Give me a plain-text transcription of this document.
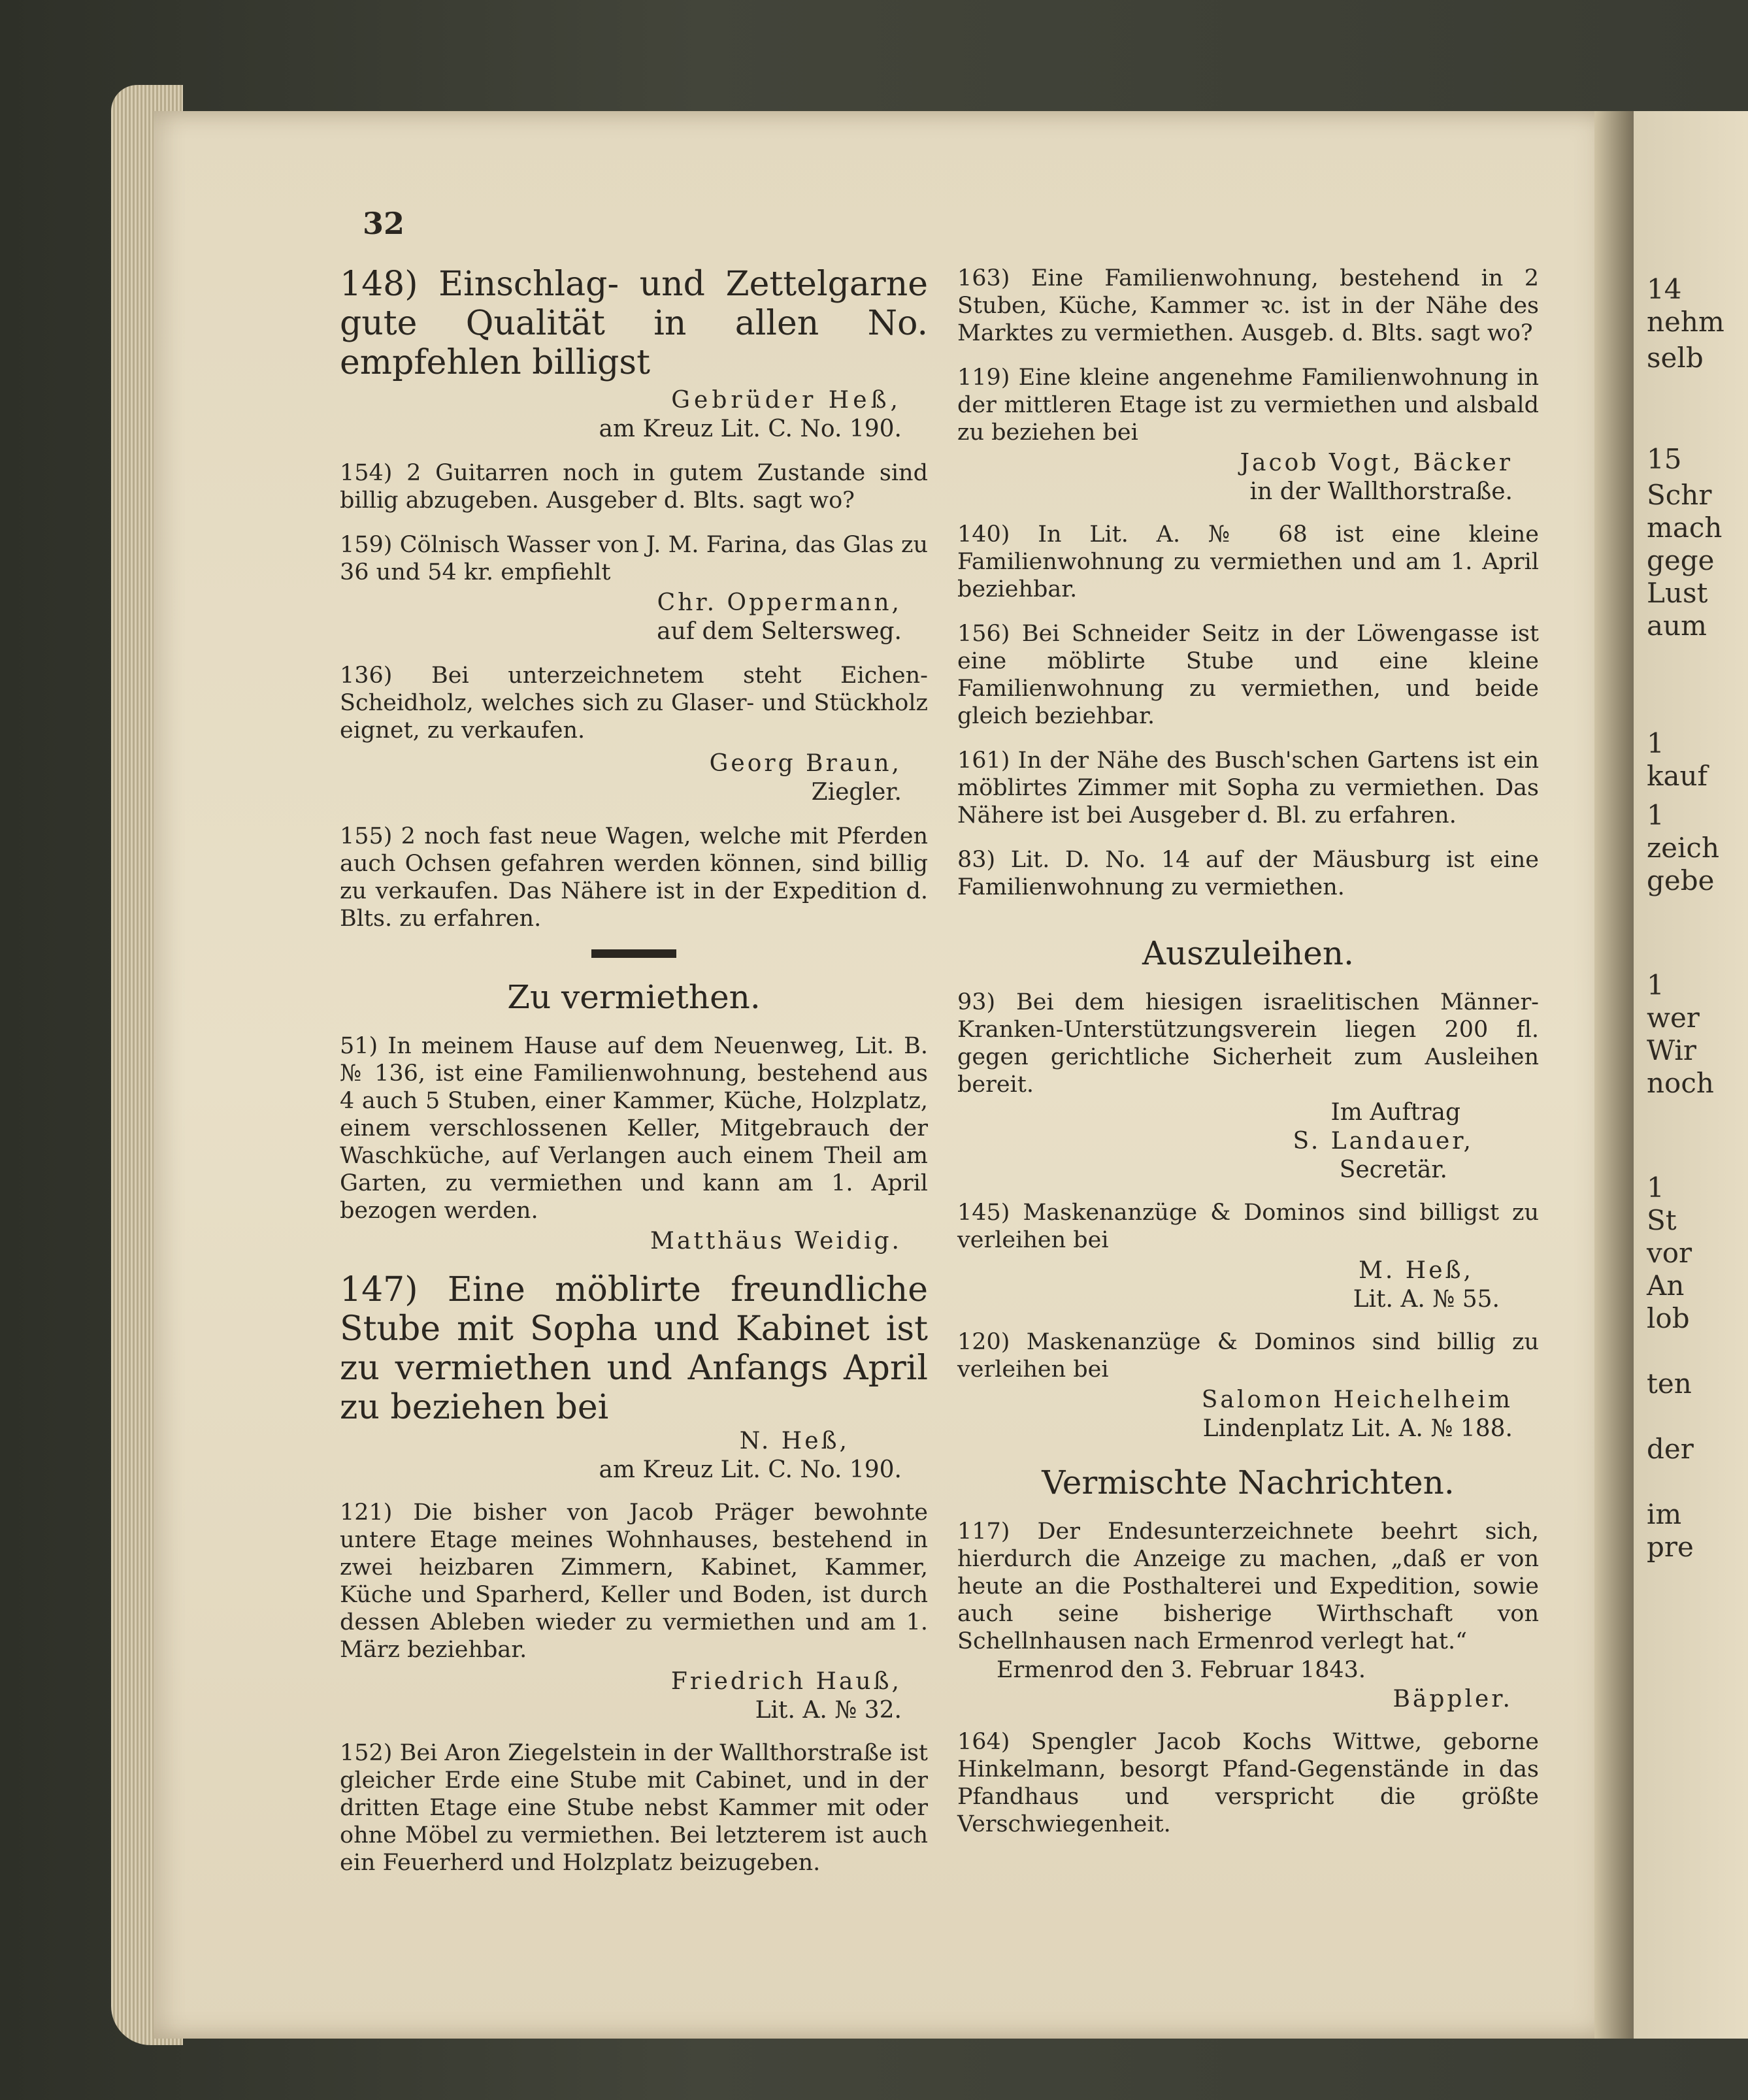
14
nehm
selb
15
Schr
mach
gege
Lust
aum
1
kauf
1
zeich
gebe
1
wer
Wir
noch
1
St
vor
An
lob
ten
der
im
pre
32
148) Einschlag- und Zettelgarne gute Qualität in allen No. empfehlen billigst
Gebrüder Heß,
am Kreuz Lit. C. No. 190.
154) 2 Guitarren noch in gutem Zustande sind billig abzugeben. Ausgeber d. Blts. sagt wo?
159) Cölnisch Wasser von J. M. Farina, das Glas zu 36 und 54 kr. empfiehlt
Chr. Oppermann,
auf dem Seltersweg.
136) Bei unterzeichnetem steht Eichen-Scheidholz, welches sich zu Glaser- und Stückholz eignet, zu verkaufen.
Georg Braun,
Ziegler.
155) 2 noch fast neue Wagen, welche mit Pferden auch Ochsen gefahren werden können, sind billig zu verkaufen. Das Nähere ist in der Expedition d. Blts. zu erfahren.
Zu vermiethen.
51) In meinem Hause auf dem Neuenweg, Lit. B. № 136, ist eine Familienwohnung, bestehend aus 4 auch 5 Stuben, einer Kammer, Küche, Holzplatz, einem verschlossenen Keller, Mitgebrauch der Waschküche, auf Verlangen auch einem Theil am Garten, zu vermiethen und kann am 1. April bezogen werden.
Matthäus Weidig.
147) Eine möblirte freundliche Stube mit Sopha und Kabinet ist zu vermiethen und Anfangs April zu beziehen bei
N. Heß,
am Kreuz Lit. C. No. 190.
121) Die bisher von Jacob Präger bewohnte untere Etage meines Wohnhauses, bestehend in zwei heizbaren Zimmern, Kabinet, Kammer, Küche und Sparherd, Keller und Boden, ist durch dessen Ableben wieder zu vermiethen und am 1. März beziehbar.
Friedrich Hauß,
Lit. A. № 32.
152) Bei Aron Ziegelstein in der Wallthorstraße ist gleicher Erde eine Stube mit Cabinet, und in der dritten Etage eine Stube nebst Kammer mit oder ohne Möbel zu vermiethen. Bei letzterem ist auch ein Feuerherd und Holzplatz beizugeben.
163) Eine Familienwohnung, bestehend in 2 Stuben, Küche, Kammer ꝛc. ist in der Nähe des Marktes zu vermiethen. Ausgeb. d. Blts. sagt wo?
119) Eine kleine angenehme Familienwohnung in der mittleren Etage ist zu vermiethen und alsbald zu beziehen bei
Jacob Vogt, Bäcker
in der Wallthorstraße.
140) In Lit. A. № 68 ist eine kleine Familienwohnung zu vermiethen und am 1. April beziehbar.
156) Bei Schneider Seitz in der Löwengasse ist eine möblirte Stube und eine kleine Familienwohnung zu vermiethen, und beide gleich beziehbar.
161) In der Nähe des Busch'schen Gartens ist ein möblirtes Zimmer mit Sopha zu vermiethen. Das Nähere ist bei Ausgeber d. Bl. zu erfahren.
83) Lit. D. No. 14 auf der Mäusburg ist eine Familienwohnung zu vermiethen.
Auszuleihen.
93) Bei dem hiesigen israelitischen Männer-Kranken-Unterstützungsverein liegen 200 fl. gegen gerichtliche Sicherheit zum Ausleihen bereit.
Im Auftrag
S. Landauer,
Secretär.
145) Maskenanzüge & Dominos sind billigst zu verleihen bei
M. Heß,
Lit. A. № 55.
120) Maskenanzüge & Dominos sind billig zu verleihen bei
Salomon Heichelheim
Lindenplatz Lit. A. № 188.
Vermischte Nachrichten.
117) Der Endesunterzeichnete beehrt sich, hierdurch die Anzeige zu machen, „daß er von heute an die Posthalterei und Expedition, sowie auch seine bisherige Wirthschaft von Schellnhausen nach Ermenrod verlegt hat.“
Ermenrod den 3. Februar 1843.
Bäppler.
164) Spengler Jacob Kochs Wittwe, geborne Hinkelmann, besorgt Pfand-Gegenstände in das Pfandhaus und verspricht die größte Verschwiegenheit.
